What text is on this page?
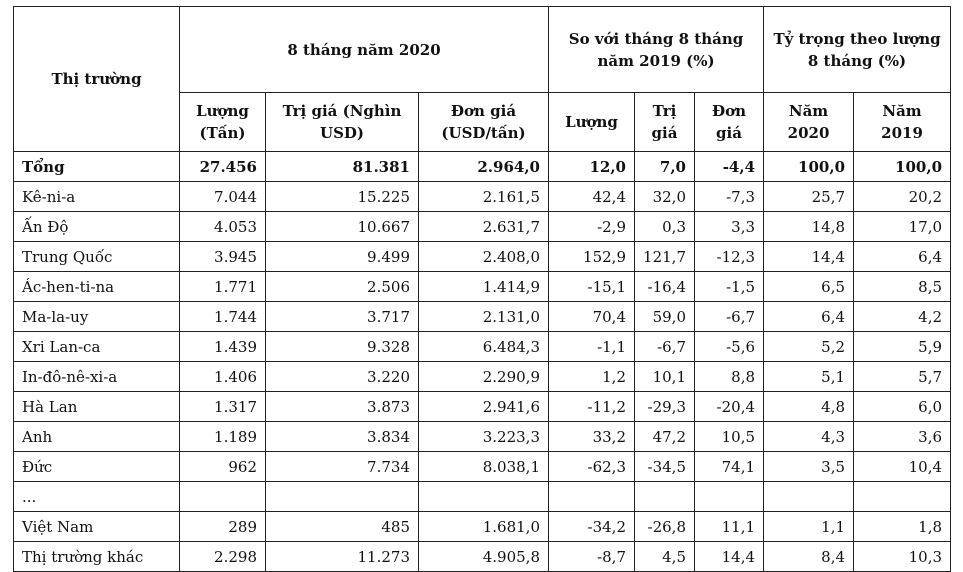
Thị trường	8 tháng năm 2020			So với tháng 8 tháng năm 2019 (%)			Tỷ trọng theo lượng 8 tháng (%)	
	Lượng (Tấn)	Trị giá (Nghìn USD)	Đơn giá (USD/tấn)	Lượng	Trị giá	Đơn giá	Năm 2020	Năm 2019
Tổng	27.456	81.381	2.964,0	12,0	7,0	-4,4	100,0	100,0
Kê-ni-a	7.044	15.225	2.161,5	42,4	32,0	-7,3	25,7	20,2
Ấn Độ	4.053	10.667	2.631,7	-2,9	0,3	3,3	14,8	17,0
Trung Quốc	3.945	9.499	2.408,0	152,9	121,7	-12,3	14,4	6,4
Ác-hen-ti-na	1.771	2.506	1.414,9	-15,1	-16,4	-1,5	6,5	8,5
Ma-la-uy	1.744	3.717	2.131,0	70,4	59,0	-6,7	6,4	4,2
Xri Lan-ca	1.439	9.328	6.484,3	-1,1	-6,7	-5,6	5,2	5,9
In-đô-nê-xi-a	1.406	3.220	2.290,9	1,2	10,1	8,8	5,1	5,7
Hà Lan	1.317	3.873	2.941,6	-11,2	-29,3	-20,4	4,8	6,0
Anh	1.189	3.834	3.223,3	33,2	47,2	10,5	4,3	3,6
Đức	962	7.734	8.038,1	-62,3	-34,5	74,1	3,5	10,4
...								
Việt Nam	289	485	1.681,0	-34,2	-26,8	11,1	1,1	1,8
Thị trường khác	2.298	11.273	4.905,8	-8,7	4,5	14,4	8,4	10,3
